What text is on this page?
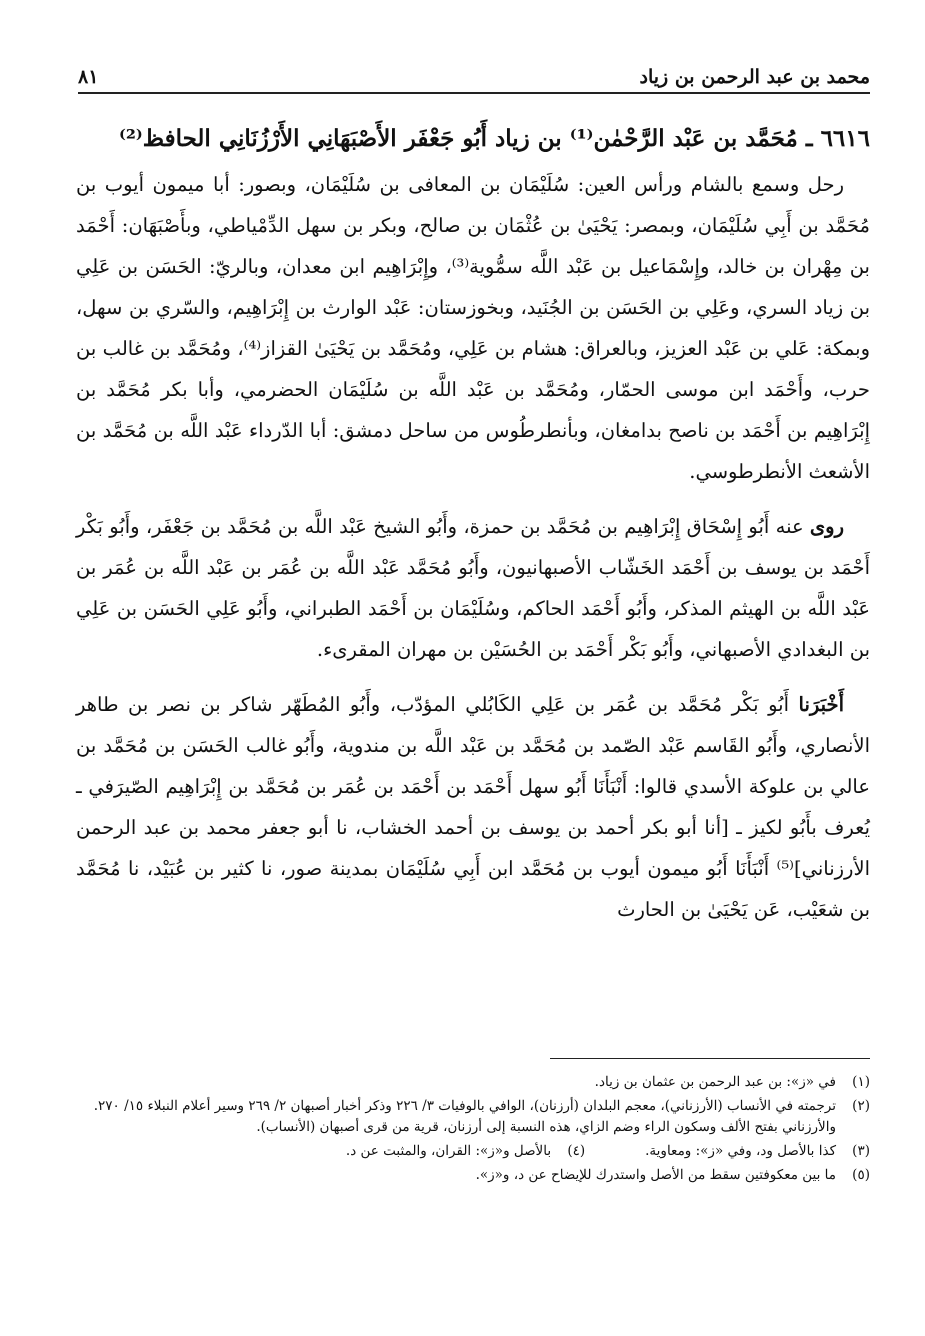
محمد بن عبد الرحمن بن زياد
٨١
٦٦١٦ ـ مُحَمَّد بن عَبْد الرَّحْمٰن⁽¹⁾ بن زياد أَبُو جَعْفَر الأَصْبَهَانِي الأَرْزُنَانِي الحافظ⁽²⁾

رحل وسمع بالشام ورأس العين: سُلَيْمَان بن المعافى بن سُلَيْمَان، وبصور: أبا ميمون أيوب بن مُحَمَّد بن أَبِي سُلَيْمَان، وبمصر: يَحْيَىٰ بن عُثْمَان بن صالح، وبكر بن سهل الدِّمْياطي، وبأَصْبَهَان: أَحْمَد بن مِهْران بن خالد، وإِسْمَاعيل بن عَبْد اللَّه سمُّوية⁽³⁾، وإِبْرَاهِيم ابن معدان، وبالريّ: الحَسَن بن عَلِي بن زياد السري، وعَلِي بن الحَسَن بن الجُنَيد، وبخوزستان: عَبْد الوارث بن إِبْرَاهِيم، والسّري بن سهل، وبمكة: عَلي بن عَبْد العزيز، وبالعراق: هشام بن عَلِي، ومُحَمَّد بن يَحْيَىٰ القزاز⁽⁴⁾، ومُحَمَّد بن غالب بن حرب، وأَحْمَد ابن موسى الحمّار، ومُحَمَّد بن عَبْد اللَّه بن سُلَيْمَان الحضرمي، وأبا بكر مُحَمَّد بن إِبْرَاهِيم بن أَحْمَد بن ناصح بدامغان، وبأنطرطُوس من ساحل دمشق: أبا الدّرداء عَبْد اللَّه بن مُحَمَّد بن الأشعث الأنطرطوسي.

روى عنه أَبُو إِسْحَاق إِبْرَاهِيم بن مُحَمَّد بن حمزة، وأَبُو الشيخ عَبْد اللَّه بن مُحَمَّد بن جَعْفَر، وأَبُو بَكْر أَحْمَد بن يوسف بن أَحْمَد الخَشّاب الأصبهانيون، وأَبُو مُحَمَّد عَبْد اللَّه بن عُمَر بن عَبْد اللَّه بن عُمَر بن عَبْد اللَّه بن الهيثم المذكر، وأَبُو أَحْمَد الحاكم، وسُلَيْمَان بن أَحْمَد الطبراني، وأَبُو عَلِي الحَسَن بن عَلِي بن البغدادي الأصبهاني، وأَبُو بَكْر أَحْمَد بن الحُسَيْن بن مهران المقرىء.

أَخْبَرَنا أَبُو بَكْر مُحَمَّد بن عُمَر بن عَلِي الكَابُلي المؤدّب، وأَبُو المُطَهّر شاكر بن نصر بن طاهر الأنصاري، وأَبُو القَاسم عَبْد الصّمد بن مُحَمَّد بن عَبْد اللَّه بن مندوية، وأَبُو غالب الحَسَن بن مُحَمَّد بن عالي بن علوكة الأسدي قالوا: أَنْبَأَنَا أَبُو سهل أَحْمَد بن أَحْمَد بن عُمَر بن مُحَمَّد بن إِبْرَاهِيم الصّيرَفي ـ يُعرف بأَبُو لكيز ـ [أنا أبو بكر أحمد بن يوسف بن أحمد الخشاب، نا أبو جعفر محمد بن عبد الرحمن الأرزناني]⁽⁵⁾ أَنْبَأَنَا أَبُو ميمون أيوب بن مُحَمَّد ابن أَبِي سُلَيْمَان بمدينة صور، نا كثير بن عُبَيْد، نا مُحَمَّد بن شعَيْب، عَن يَحْيَىٰ بن الحارث

(١)
في «ز»: بن عبد الرحمن بن عثمان بن زياد.
(٢)
ترجمته في الأنساب (الأرزناني)، معجم البلدان (أرزنان)، الوافي بالوفيات ٣/ ٢٢٦ وذكر أخبار أصبهان ٢/ ٢٦٩ وسير أعلام النبلاء ١٥/ ٢٧٠. والأرزناني بفتح الألف وسكون الراء وضم الزاي، هذه النسبة إلى أرزنان، قرية من قرى أصبهان (الأنساب).
(٣)
كذا بالأصل ود، وفي «ز»: ومعاوية.
(٤)
بالأصل و«ز»: القران، والمثبت عن د.
(٥)
ما بين معكوفتين سقط من الأصل واستدرك للإيضاح عن د، و«ز».
